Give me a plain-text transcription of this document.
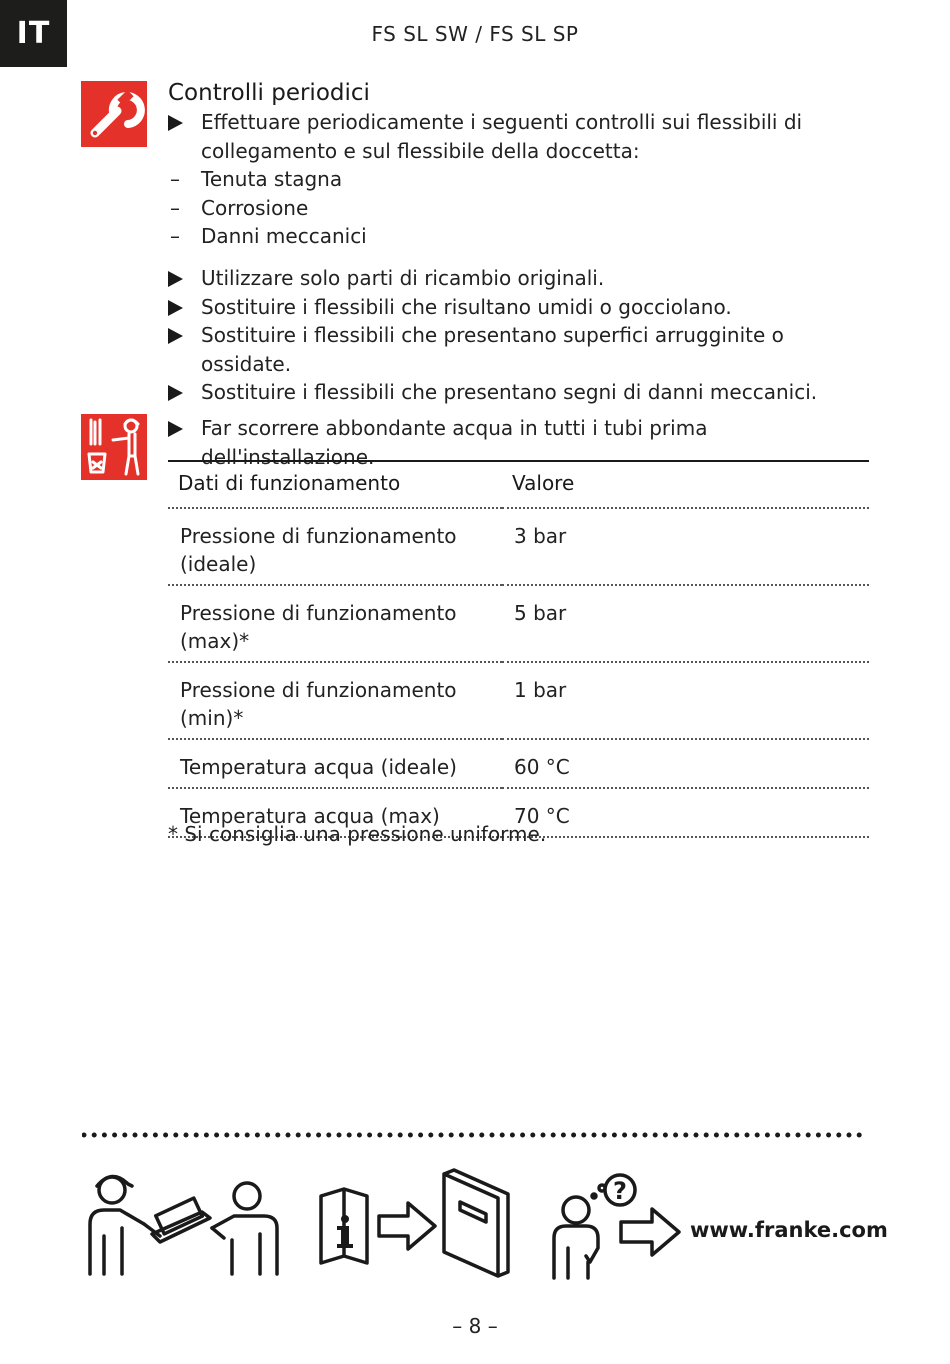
IT	FS SL SW / FS SL SP
Controlli periodici
Effettuare periodicamente i seguenti controlli sui flessibili di
collegamento e sul flessibile della doccetta:
–	Tenuta stagna
–	Corrosione
–	Danni meccanici
Utilizzare solo parti di ricambio originali.
Sostituire i flessibili che risultano umidi o gocciolano.
Sostituire i flessibili che presentano superfici arrugginite o ossidate.
Sostituire i flessibili che presentano segni di danni meccanici.
Far scorrere abbondante acqua in tutti i tubi prima dell'installazione.
Dati di funzionamento	Valore

Pressione di funzionamento
(ideale)	3 bar

Pressione di funzionamento
(max)*	5 bar

Pressione di funzionamento
(min)*	1 bar
Temperatura acqua (ideale)	60 °C
Temperatura acqua (max)	70 °C
* Si consiglia una pressione uniforme.
?
www.franke.com
– 8 –
